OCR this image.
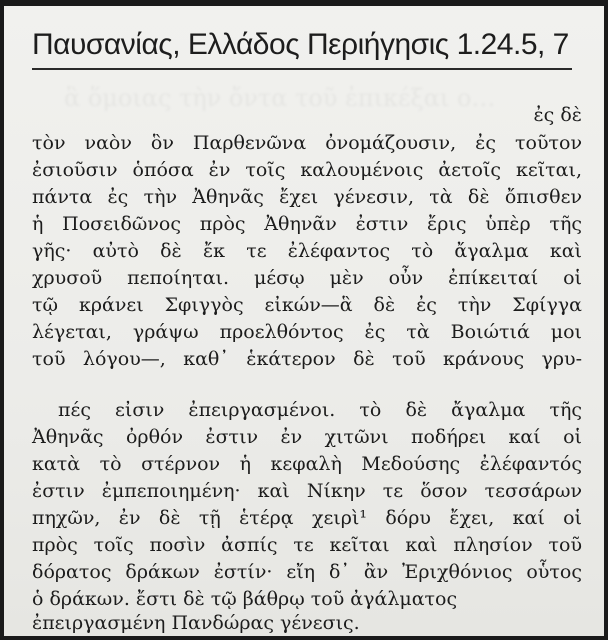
Παυσανίας, Ελλάδος Περιήγησις 1.24.5, 7
ἃ ὅμοιας τὴν ὄντα τοῦ ἐπικέξαι ο…

ἐς δὲ

τὸν ναὸν ὃν Παρθενῶνα ὀνομάζουσιν, ἐς τοῦτον

ἐσιοῦσιν ὁπόσα ἐν τοῖς καλουμένοις ἀετοῖς κεῖται,

πάντα ἐς τὴν Ἀθηνᾶς ἔχει γένεσιν, τὰ δὲ ὄπισθεν

ἡ Ποσειδῶνος πρὸς Ἀθηνᾶν ἐστιν ἔρις ὑπὲρ τῆς

γῆς· αὐτὸ δὲ ἔκ τε ἐλέφαντος τὸ ἄγαλμα καὶ

χρυσοῦ πεποίηται. μέσῳ μὲν οὖν ἐπίκειταί οἱ

τῷ κράνει Σφιγγὸς εἰκών—ἃ δὲ ἐς τὴν Σφίγγα

λέγεται, γράψω προελθόντος ἐς τὰ Βοιώτιά μοι

τοῦ λόγου—, καθ᾽ ἑκάτερον δὲ τοῦ κράνους γρυ-

πές εἰσιν ἐπειργασμένοι. τὸ δὲ ἄγαλμα τῆς

Ἀθηνᾶς ὀρθόν ἐστιν ἐν χιτῶνι ποδήρει καί οἱ

κατὰ τὸ στέρνον ἡ κεφαλὴ Μεδούσης ἐλέφαντός

ἐστιν ἐμπεποιημένη· καὶ Νίκην τε ὅσον τεσσάρων

πηχῶν, ἐν δὲ τῇ ἑτέρᾳ χειρὶ¹ δόρυ ἔχει, καί οἱ

πρὸς τοῖς ποσὶν ἀσπίς τε κεῖται καὶ πλησίον τοῦ

δόρατος δράκων ἐστίν· εἴη δ᾽ ἂν Ἐριχθόνιος οὗτος

ὁ δράκων. ἔστι δὲ τῷ βάθρῳ τοῦ ἀγάλματος

ἐπειργασμένη Πανδώρας γένεσις.
